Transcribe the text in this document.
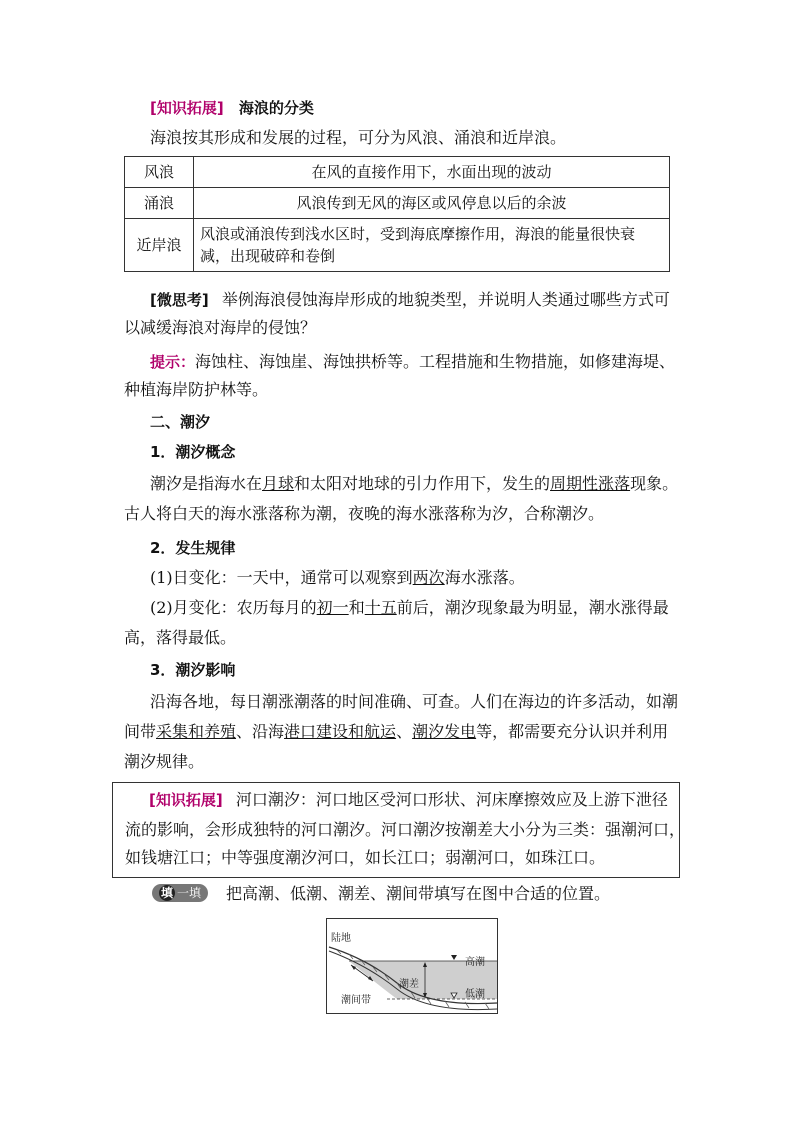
[知识拓展] 海浪的分类
海浪按其形成和发展的过程，可分为风浪、涌浪和近岸浪。
风浪	在风的直接作用下，水面出现的波动
涌浪	风浪传到无风的海区或风停息以后的余波
近岸浪	风浪或涌浪传到浅水区时，受到海底摩擦作用，海浪的能量很快衰减，出现破碎和卷倒
[微思考] 举例海浪侵蚀海岸形成的地貌类型，并说明人类通过哪些方式可
以减缓海浪对海岸的侵蚀？
提示：海蚀柱、海蚀崖、海蚀拱桥等。工程措施和生物措施，如修建海堤、
种植海岸防护林等。
二、潮汐
1．潮汐概念
潮汐是指海水在月球和太阳对地球的引力作用下，发生的周期性涨落现象。
古人将白天的海水涨落称为潮，夜晚的海水涨落称为汐，合称潮汐。
2．发生规律
(1)日变化：一天中，通常可以观察到两次海水涨落。
(2)月变化：农历每月的初一和十五前后，潮汐现象最为明显，潮水涨得最
高，落得最低。
3．潮汐影响
沿海各地，每日潮涨潮落的时间准确、可查。人们在海边的许多活动，如潮
间带采集和养殖、沿海港口建设和航运、潮汐发电等，都需要充分认识并利用
潮汐规律。
[知识拓展] 河口潮汐：河口地区受河口形状、河床摩擦效应及上游下泄径
流的影响，会形成独特的河口潮汐。河口潮汐按潮差大小分为三类：强潮河口，
如钱塘江口；中等强度潮汐河口，如长江口；弱潮河口，如珠江口。
填 一填	把高潮、低潮、潮差、潮间带填写在图中合适的位置。
陆地
高潮
潮差
低潮
潮间带
